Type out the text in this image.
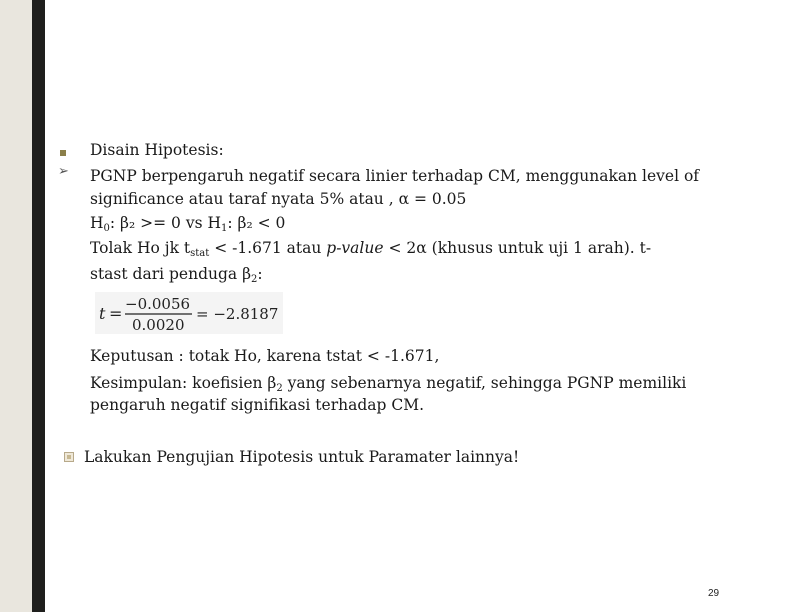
Disain Hipotesis:
➢ PGNP berpengaruh negatif secara linier terhadap CM, menggunakan level of
significance atau taraf nyata 5% atau , α = 0.05
$H_0$: β₂ >= 0 vs $H_1$: β₂ < 0
Tolak Ho jk $t_{stat} < -1.671$ atau p-value < 2α (khusus untuk uji 1 arah). t-
stast dari penduga $\beta_2$:
t = −0.0056
0.0020
= −2.8187
Keputusan : totak Ho, karena tstat < -1.671,
Kesimpulan: koefisien $\beta_2$ yang sebenarnya negatif, sehingga PGNP memiliki
pengaruh negatif signifikasi terhadap CM.
Lakukan Pengujian Hipotesis untuk Paramater lainnya!
29
